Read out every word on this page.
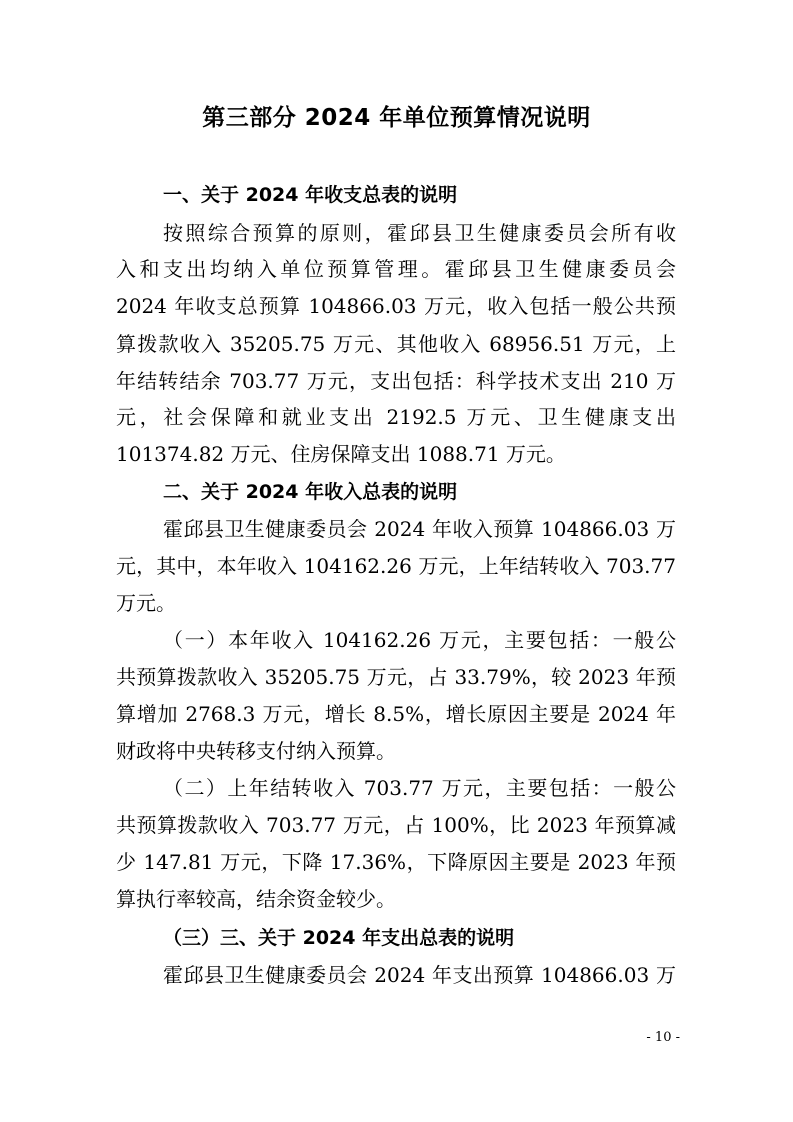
第三部分 2024 年单位预算情况说明
一、关于 2024 年收支总表的说明
按照综合预算的原则，霍邱县卫生健康委员会所有收
入和支出均纳入单位预算管理。霍邱县卫生健康委员会
2024 年收支总预算 104866.03 万元，收入包括一般公共预
算拨款收入 35205.75 万元、其他收入 68956.51 万元，上
年结转结余 703.77 万元，支出包括：科学技术支出 210 万
元，社会保障和就业支出 2192.5 万元、卫生健康支出
101374.82 万元、住房保障支出 1088.71 万元。
二、关于 2024 年收入总表的说明
霍邱县卫生健康委员会 2024 年收入预算 104866.03 万
元，其中，本年收入 104162.26 万元，上年结转收入 703.77
万元。
（一）本年收入 104162.26 万元，主要包括：一般公
共预算拨款收入 35205.75 万元，占 33.79%，较 2023 年预
算增加 2768.3 万元，增长 8.5%，增长原因主要是 2024 年
财政将中央转移支付纳入预算。
（二）上年结转收入 703.77 万元，主要包括：一般公
共预算拨款收入 703.77 万元，占 100%，比 2023 年预算减
少 147.81 万元，下降 17.36%，下降原因主要是 2023 年预
算执行率较高，结余资金较少。
（三）三、关于 2024 年支出总表的说明
霍邱县卫生健康委员会 2024 年支出预算 104866.03 万
- 10 -
